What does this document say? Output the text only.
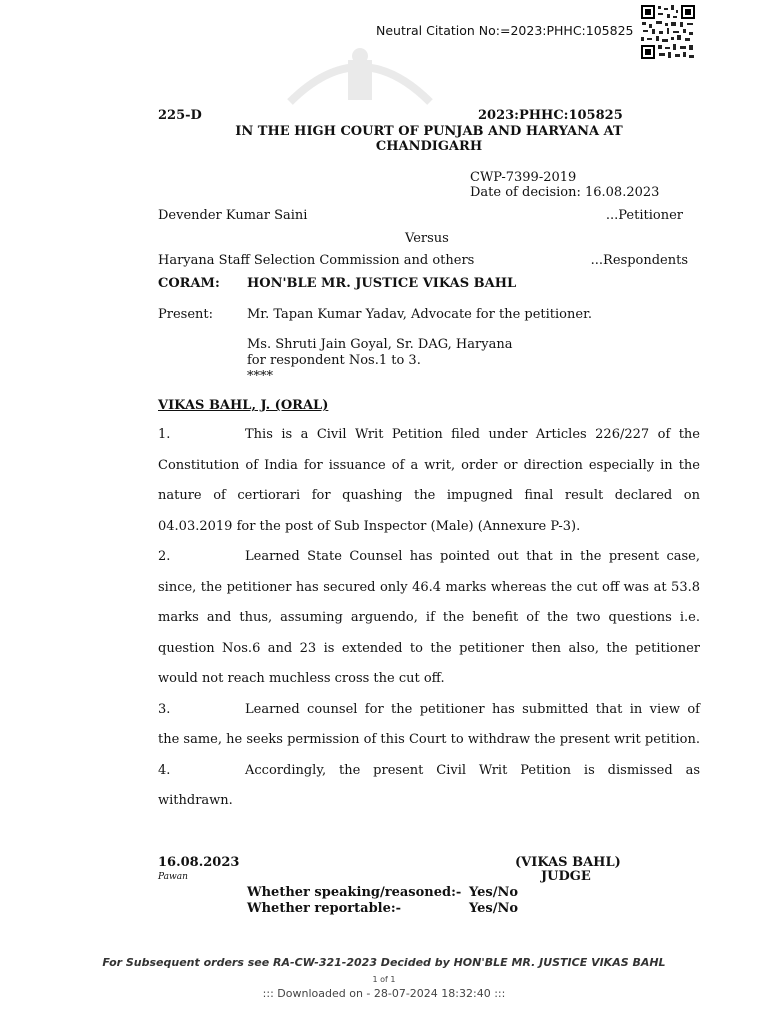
Neutral Citation No:=2023:PHHC:105825
225-D	2023:PHHC:105825
IN THE HIGH COURT OF PUNJAB AND HARYANA AT
CHANDIGARH
CWP-7399-2019
Date of decision: 16.08.2023
Devender Kumar Saini	...Petitioner
Versus
Haryana Staff Selection Commission and others	...Respondents
CORAM: HON'BLE MR. JUSTICE VIKAS BAHL
Present:	Mr. Tapan Kumar Yadav, Advocate for the petitioner.
Ms. Shruti Jain Goyal, Sr. DAG, Haryana
for respondent Nos.1 to 3.
****
VIKAS BAHL, J. (ORAL)
1.	This is a Civil Writ Petition filed under Articles 226/227 of the
Constitution of India for issuance of a writ, order or direction especially in the nature of certiorari for quashing the impugned final result declared on 04.03.2019 for the post of Sub Inspector (Male) (Annexure P-3).
2.	Learned State Counsel has pointed out that in the present case,
since, the petitioner has secured only 46.4 marks whereas the cut off was at 53.8 marks and thus, assuming arguendo, if the benefit of the two questions i.e. question Nos.6 and 23 is extended to the petitioner then also, the petitioner would not reach muchless cross the cut off.
3.	Learned counsel for the petitioner has submitted that in view of
the same, he seeks permission of this Court to withdraw the present writ petition.
4.	Accordingly, the present Civil Writ Petition is dismissed as
withdrawn.
16.08.2023	(VIKAS BAHL)
Pawan	JUDGE
Whether speaking/reasoned:- Yes/No
Whether reportable:-	Yes/No
For Subsequent orders see RA-CW-321-2023 Decided by HON'BLE MR. JUSTICE VIKAS BAHL
1 of 1
::: Downloaded on - 28-07-2024 18:32:40 :::
